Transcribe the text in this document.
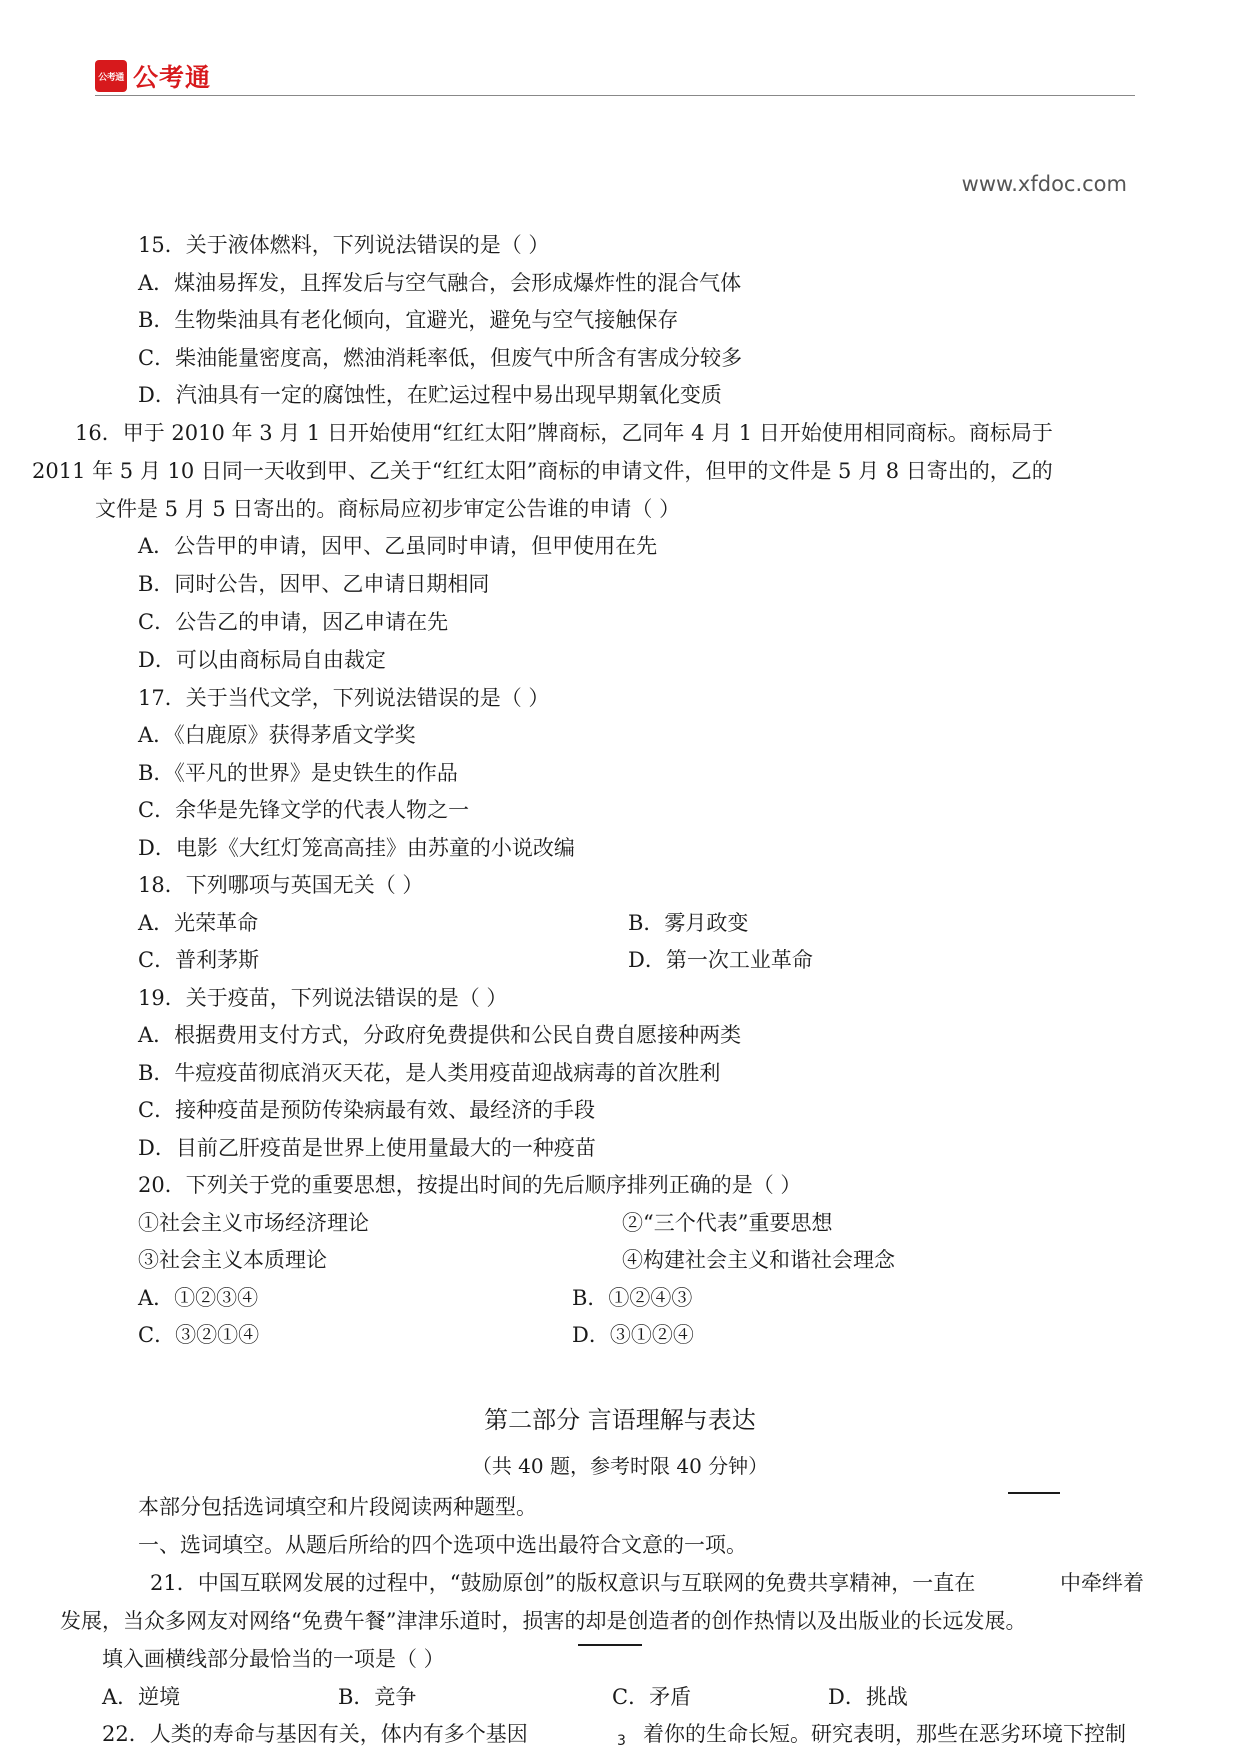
公考通 公考通
www.xfdoc.com
15．关于液体燃料，下列说法错误的是（ ）
A．煤油易挥发，且挥发后与空气融合，会形成爆炸性的混合气体
B．生物柴油具有老化倾向，宜避光，避免与空气接触保存
C．柴油能量密度高，燃油消耗率低，但废气中所含有害成分较多
D．汽油具有一定的腐蚀性，在贮运过程中易出现早期氧化变质
16．甲于 2010 年 3 月 1 日开始使用“红红太阳”牌商标，乙同年 4 月 1 日开始使用相同商标。商标局于
2011 年 5 月 10 日同一天收到甲、乙关于“红红太阳”商标的申请文件，但甲的文件是 5 月 8 日寄出的，乙的
文件是 5 月 5 日寄出的。商标局应初步审定公告谁的申请（ ）
A．公告甲的申请，因甲、乙虽同时申请，但甲使用在先
B．同时公告，因甲、乙申请日期相同
C．公告乙的申请，因乙申请在先
D．可以由商标局自由裁定
17．关于当代文学，下列说法错误的是（ ）
A．《白鹿原》获得茅盾文学奖
B．《平凡的世界》是史铁生的作品
C．余华是先锋文学的代表人物之一
D．电影《大红灯笼高高挂》由苏童的小说改编
18．下列哪项与英国无关（ ）
A．光荣革命	B．雾月政变
C．普利茅斯	D．第一次工业革命
19．关于疫苗，下列说法错误的是（ ）
A．根据费用支付方式，分政府免费提供和公民自费自愿接种两类
B．牛痘疫苗彻底消灭天花，是人类用疫苗迎战病毒的首次胜利
C．接种疫苗是预防传染病最有效、最经济的手段
D．目前乙肝疫苗是世界上使用量最大的一种疫苗
20．下列关于党的重要思想，按提出时间的先后顺序排列正确的是（ ）
①社会主义市场经济理论	②“三个代表”重要思想
③社会主义本质理论	④构建社会主义和谐社会理念
A．①②③④	B．①②④③
C．③②①④	D．③①②④
第二部分 言语理解与表达
（共 40 题，参考时限 40 分钟）
本部分包括选词填空和片段阅读两种题型。
一、选词填空。从题后所给的四个选项中选出最符合文意的一项。
21．中国互联网发展的过程中，“鼓励原创”的版权意识与互联网的免费共享精神，一直在	中牵绊着
发展，当众多网友对网络“免费午餐”津津乐道时，损害的却是创造者的创作热情以及出版业的长远发展。
填入画横线部分最恰当的一项是（ ）
A．逆境	B．竞争	C．矛盾	D．挑战
22．人类的寿命与基因有关，体内有多个基因	着你的生命长短。研究表明，那些在恶劣环境下控制
3
